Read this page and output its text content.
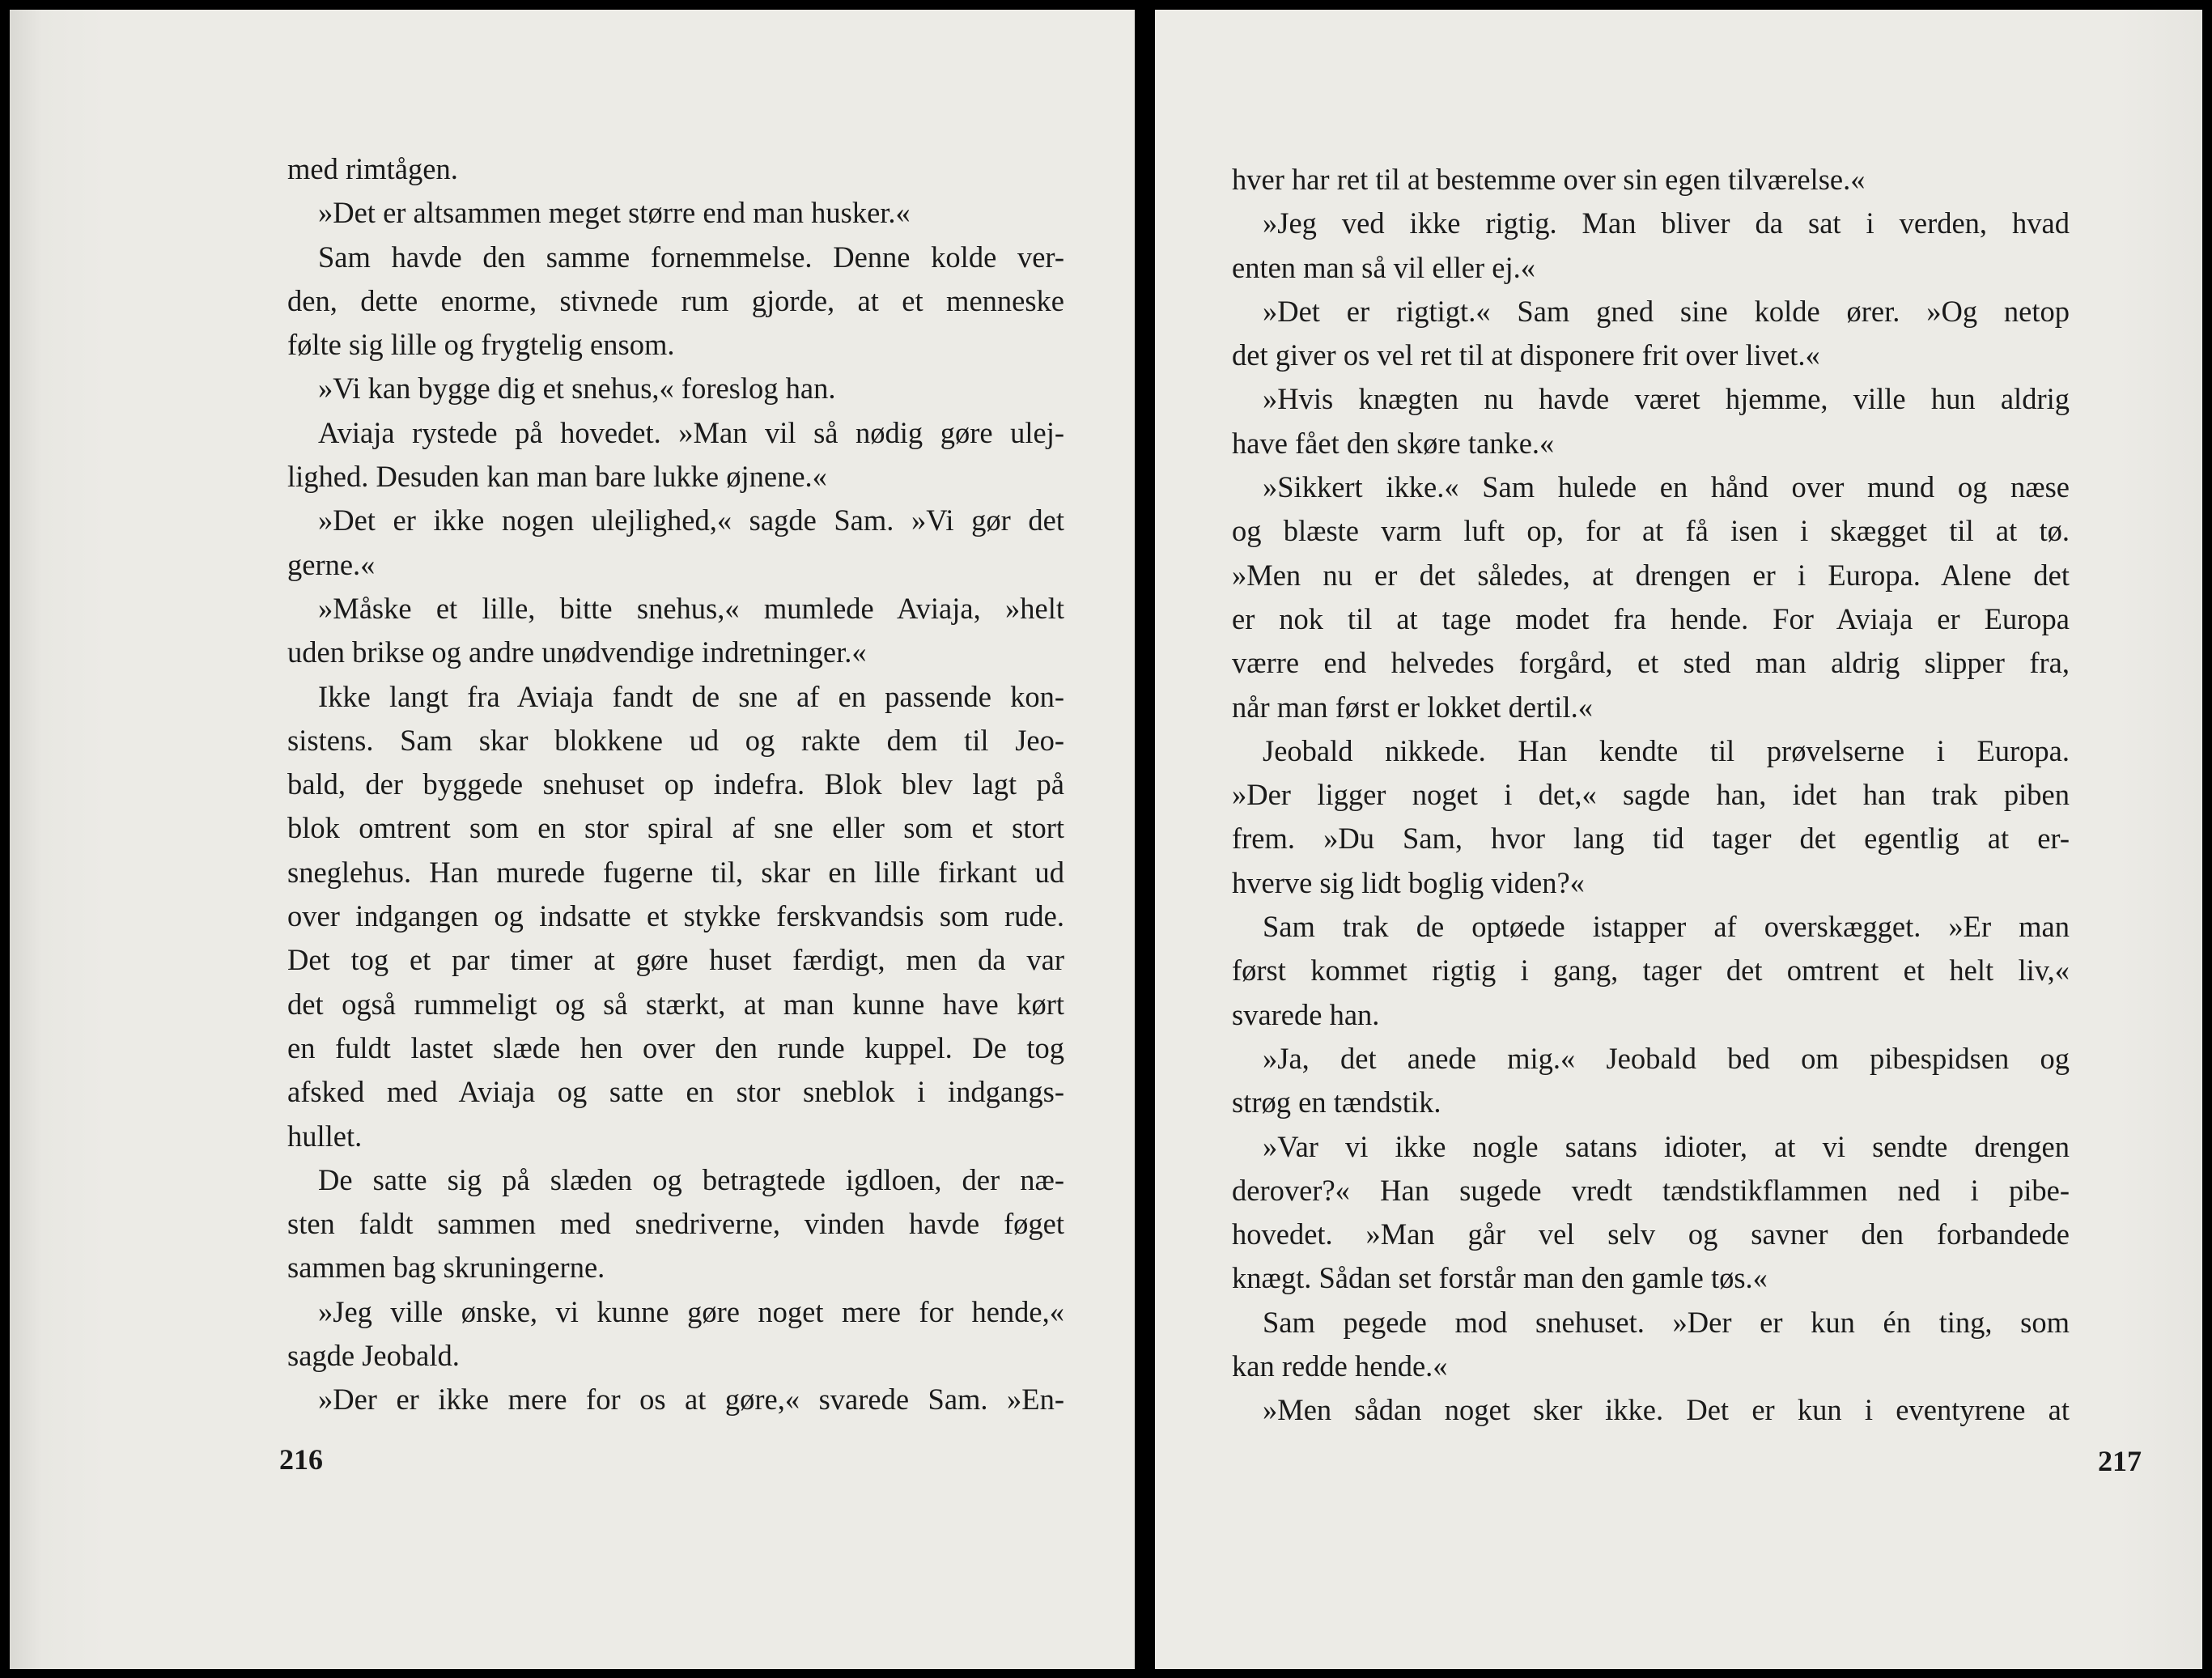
med rimtågen.
»Det er altsammen meget større end man husker.«
Sam havde den samme fornemmelse. Denne kolde ver-
den, dette enorme, stivnede rum gjorde, at et menneske
følte sig lille og frygtelig ensom.
»Vi kan bygge dig et snehus,« foreslog han.
Aviaja rystede på hovedet. »Man vil så nødig gøre ulej-
lighed. Desuden kan man bare lukke øjnene.«
»Det er ikke nogen ulejlighed,« sagde Sam. »Vi gør det
gerne.«
»Måske et lille, bitte snehus,« mumlede Aviaja, »helt
uden brikse og andre unødvendige indretninger.«
Ikke langt fra Aviaja fandt de sne af en passende kon-
sistens. Sam skar blokkene ud og rakte dem til Jeo-
bald, der byggede snehuset op indefra. Blok blev lagt på
blok omtrent som en stor spiral af sne eller som et stort
sneglehus. Han murede fugerne til, skar en lille firkant ud
over indgangen og indsatte et stykke ferskvandsis som rude.
Det tog et par timer at gøre huset færdigt, men da var
det også rummeligt og så stærkt, at man kunne have kørt
en fuldt lastet slæde hen over den runde kuppel. De tog
afsked med Aviaja og satte en stor sneblok i indgangs-
hullet.
De satte sig på slæden og betragtede igdloen, der næ-
sten faldt sammen med snedriverne, vinden havde føget
sammen bag skruningerne.
»Jeg ville ønske, vi kunne gøre noget mere for hende,«
sagde Jeobald.
»Der er ikke mere for os at gøre,« svarede Sam. »En-
216
hver har ret til at bestemme over sin egen tilværelse.«
»Jeg ved ikke rigtig. Man bliver da sat i verden, hvad
enten man så vil eller ej.«
»Det er rigtigt.« Sam gned sine kolde ører. »Og netop
det giver os vel ret til at disponere frit over livet.«
»Hvis knægten nu havde været hjemme, ville hun aldrig
have fået den skøre tanke.«
»Sikkert ikke.« Sam hulede en hånd over mund og næse
og blæste varm luft op, for at få isen i skægget til at tø.
»Men nu er det således, at drengen er i Europa. Alene det
er nok til at tage modet fra hende. For Aviaja er Europa
værre end helvedes forgård, et sted man aldrig slipper fra,
når man først er lokket dertil.«
Jeobald nikkede. Han kendte til prøvelserne i Europa.
»Der ligger noget i det,« sagde han, idet han trak piben
frem. »Du Sam, hvor lang tid tager det egentlig at er-
hverve sig lidt boglig viden?«
Sam trak de optøede istapper af overskægget. »Er man
først kommet rigtig i gang, tager det omtrent et helt liv,«
svarede han.
»Ja, det anede mig.« Jeobald bed om pibespidsen og
strøg en tændstik.
»Var vi ikke nogle satans idioter, at vi sendte drengen
derover?« Han sugede vredt tændstikflammen ned i pibe-
hovedet. »Man går vel selv og savner den forbandede
knægt. Sådan set forstår man den gamle tøs.«
Sam pegede mod snehuset. »Der er kun én ting, som
kan redde hende.«
»Men sådan noget sker ikke. Det er kun i eventyrene at
217
